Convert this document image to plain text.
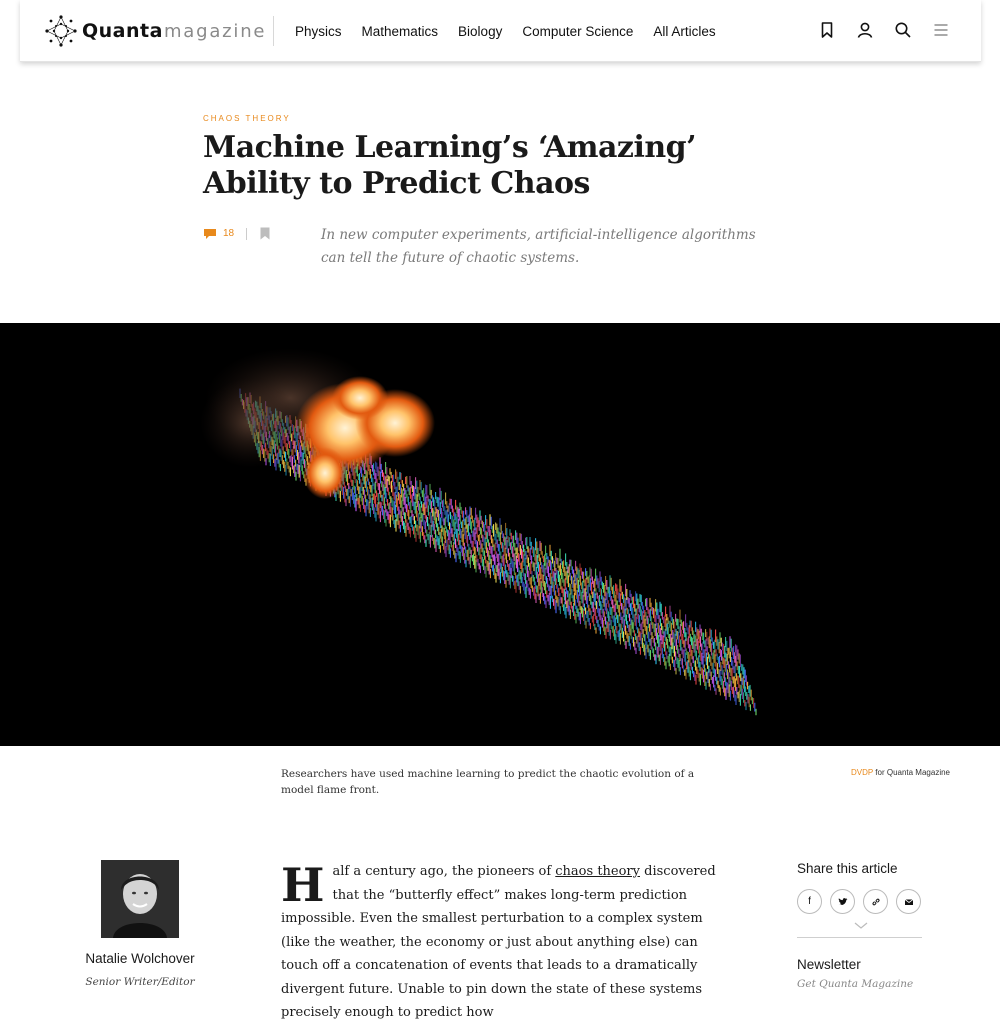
Quanta magazine Physics Mathematics Biology Computer Science All Articles
CHAOS THEORY
Machine Learning’s ‘Amazing’ Ability to Predict Chaos
18	In new computer experiments, artificial-intelligence algorithms can tell the future of chaotic systems.

Researchers have used machine learning to predict the chaotic evolution of a model flame front.

DVDP for Quanta Magazine
Natalie Wolchover
Senior Writer/Editor

Half a century ago, the pioneers of chaos theory discovered that the “butterfly effect” makes long-term prediction impossible. Even the smallest perturbation to a complex system (like the weather, the economy or just about anything else) can touch off a concatenation of events that leads to a dramatically divergent future. Unable to pin down the state of these systems precisely enough to predict how

Share this article
f
Newsletter
Get Quanta Magazine
